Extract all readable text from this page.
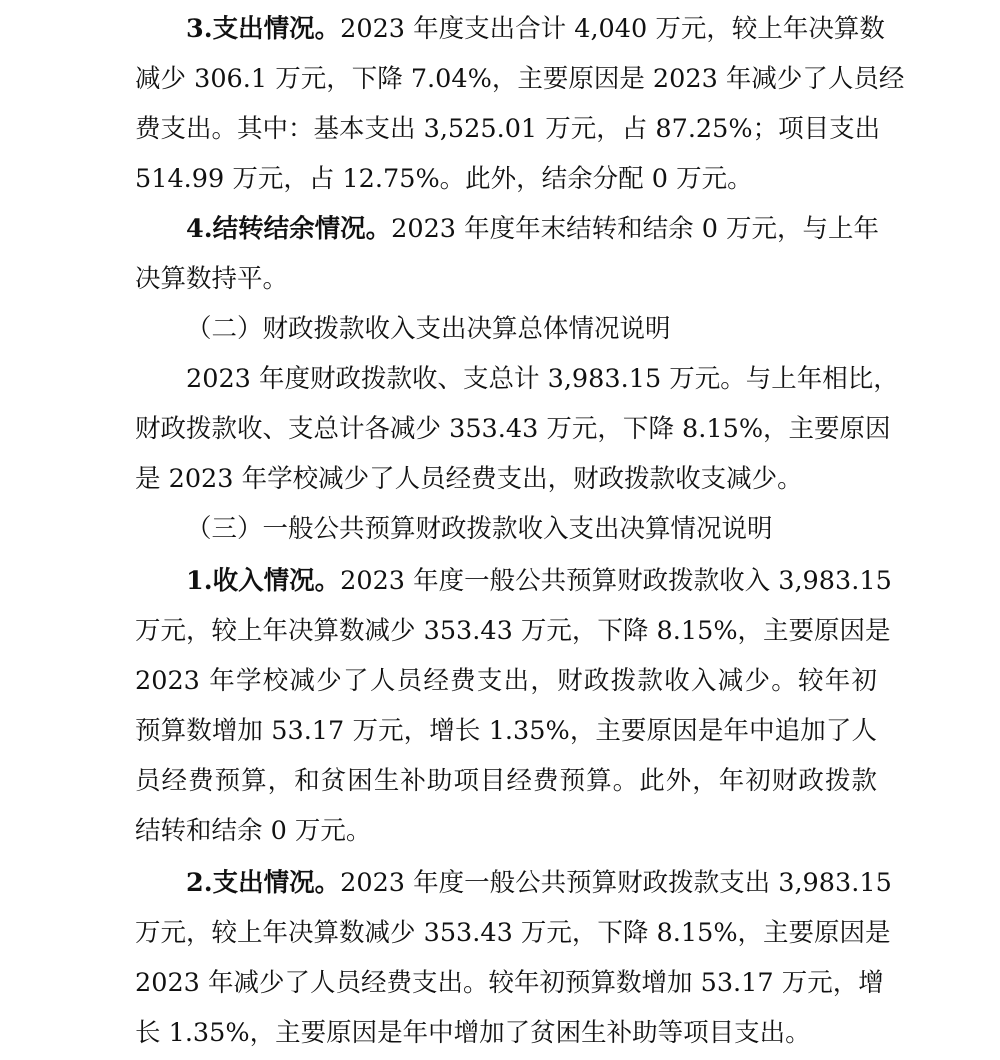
3.支出情况。2023 年度支出合计 4,040 万元，较上年决算数
减少 306.1 万元，下降 7.04%，主要原因是 2023 年减少了人员经
费支出。其中：基本支出 3,525.01 万元，占 87.25%；项目支出
514.99 万元，占 12.75%。此外，结余分配 0 万元。
4.结转结余情况。2023 年度年末结转和结余 0 万元，与上年
决算数持平。
（二）财政拨款收入支出决算总体情况说明
2023 年度财政拨款收、支总计 3,983.15 万元。与上年相比，
财政拨款收、支总计各减少 353.43 万元，下降 8.15%，主要原因
是 2023 年学校减少了人员经费支出，财政拨款收支减少。
（三）一般公共预算财政拨款收入支出决算情况说明
1.收入情况。2023 年度一般公共预算财政拨款收入 3,983.15
万元，较上年决算数减少 353.43 万元，下降 8.15%，主要原因是
2023 年学校减少了人员经费支出，财政拨款收入减少。较年初
预算数增加 53.17 万元，增长 1.35%，主要原因是年中追加了人
员经费预算，和贫困生补助项目经费预算。此外，年初财政拨款
结转和结余 0 万元。
2.支出情况。2023 年度一般公共预算财政拨款支出 3,983.15
万元，较上年决算数减少 353.43 万元，下降 8.15%，主要原因是
2023 年减少了人员经费支出。较年初预算数增加 53.17 万元，增
长 1.35%，主要原因是年中增加了贫困生补助等项目支出。
